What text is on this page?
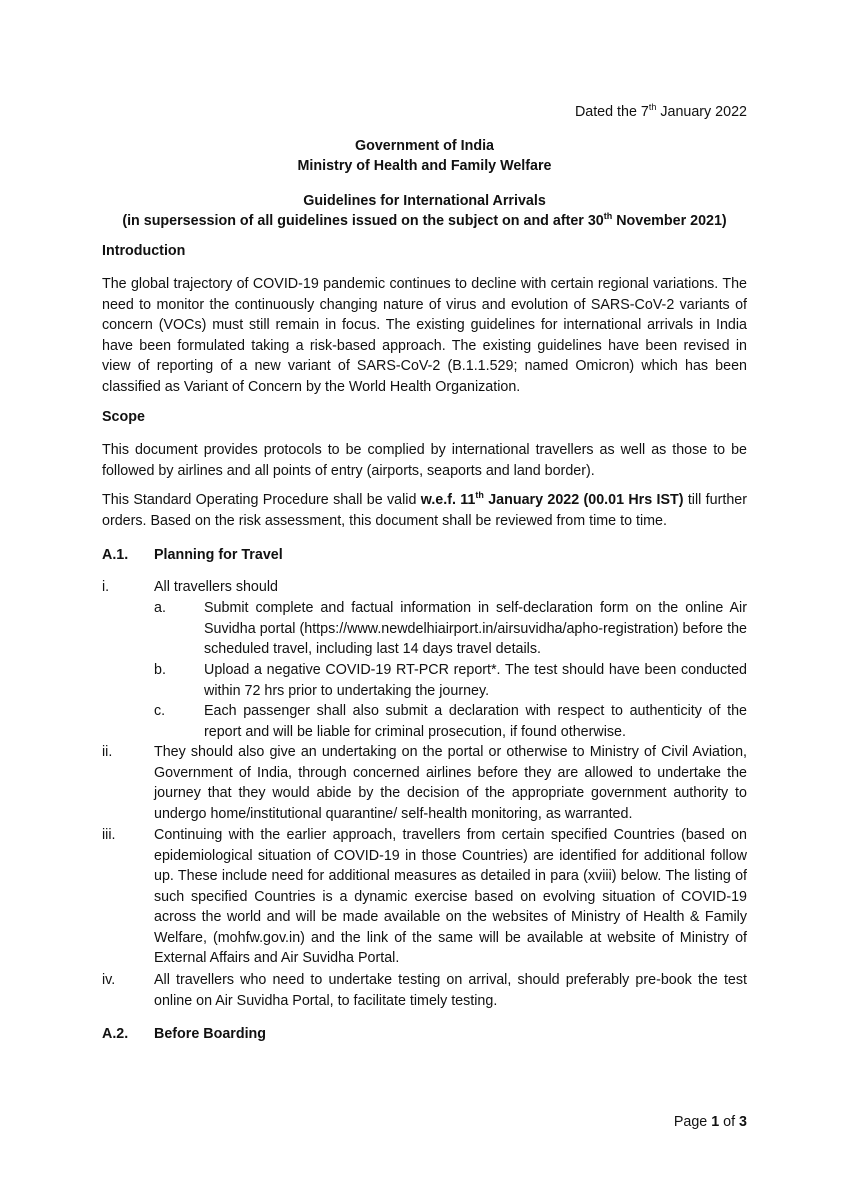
Dated the 7th January 2022
Government of India
Ministry of Health and Family Welfare
Guidelines for International Arrivals
(in supersession of all guidelines issued on the subject on and after 30th November 2021)
Introduction
The global trajectory of COVID-19 pandemic continues to decline with certain regional variations. The need to monitor the continuously changing nature of virus and evolution of SARS-CoV-2 variants of concern (VOCs) must still remain in focus. The existing guidelines for international arrivals in India have been formulated taking a risk-based approach. The existing guidelines have been revised in view of reporting of a new variant of SARS-CoV-2 (B.1.1.529; named Omicron) which has been classified as Variant of Concern by the World Health Organization.
Scope
This document provides protocols to be complied by international travellers as well as those to be followed by airlines and all points of entry (airports, seaports and land border).
This Standard Operating Procedure shall be valid w.e.f. 11th January 2022 (00.01 Hrs IST) till further orders. Based on the risk assessment, this document shall be reviewed from time to time.
A.1. Planning for Travel
i.	All travellers should
a.	Submit complete and factual information in self-declaration form on the online Air Suvidha portal (https://www.newdelhiairport.in/airsuvidha/apho-registration) before the scheduled travel, including last 14 days travel details.
b.	Upload a negative COVID-19 RT-PCR report*. The test should have been conducted within 72 hrs prior to undertaking the journey.
c.	Each passenger shall also submit a declaration with respect to authenticity of the report and will be liable for criminal prosecution, if found otherwise.
ii.	They should also give an undertaking on the portal or otherwise to Ministry of Civil Aviation, Government of India, through concerned airlines before they are allowed to undertake the journey that they would abide by the decision of the appropriate government authority to undergo home/institutional quarantine/ self-health monitoring, as warranted.
iii.	Continuing with the earlier approach, travellers from certain specified Countries (based on epidemiological situation of COVID-19 in those Countries) are identified for additional follow up. These include need for additional measures as detailed in para (xviii) below. The listing of such specified Countries is a dynamic exercise based on evolving situation of COVID-19 across the world and will be made available on the websites of Ministry of Health & Family Welfare, (mohfw.gov.in) and the link of the same will be available at website of Ministry of External Affairs and Air Suvidha Portal.
iv.	All travellers who need to undertake testing on arrival, should preferably pre-book the test online on Air Suvidha Portal, to facilitate timely testing.
A.2. Before Boarding
Page 1 of 3
